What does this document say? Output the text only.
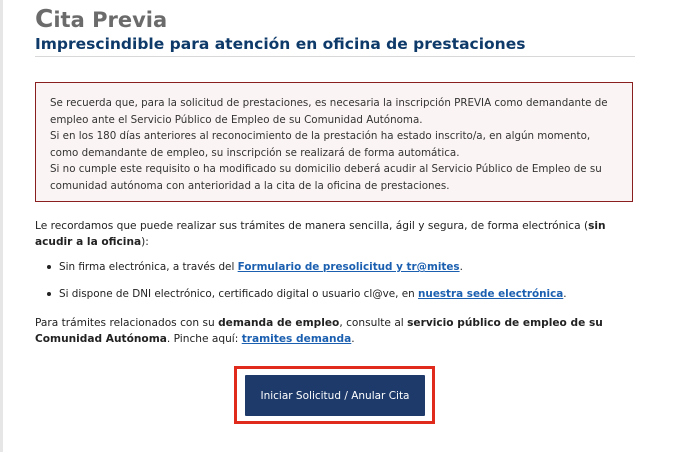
Cita Previa
Imprescindible para atención en oficina de prestaciones

Se recuerda que, para la solicitud de prestaciones, es necesaria la inscripción PREVIA como demandante de empleo ante el Servicio Público de Empleo de su Comunidad Autónoma.

Si en los 180 días anteriores al reconocimiento de la prestación ha estado inscrito/a, en algún momento, como demandante de empleo, su inscripción se realizará de forma automática.

Si no cumple este requisito o ha modificado su domicilio deberá acudir al Servicio Público de Empleo de su comunidad autónoma con anterioridad a la cita de la oficina de prestaciones.

Le recordamos que puede realizar sus trámites de manera sencilla, ágil y segura, de forma electrónica (sin acudir a la oficina):

Sin firma electrónica, a través del Formulario de presolicitud y tr@mites.
Si dispone de DNI electrónico, certificado digital o usuario cl@ve, en nuestra sede electrónica.

Para trámites relacionados con su demanda de empleo, consulte al servicio público de empleo de su Comunidad Autónoma. Pinche aquí: tramites demanda.

Iniciar Solicitud / Anular Cita
